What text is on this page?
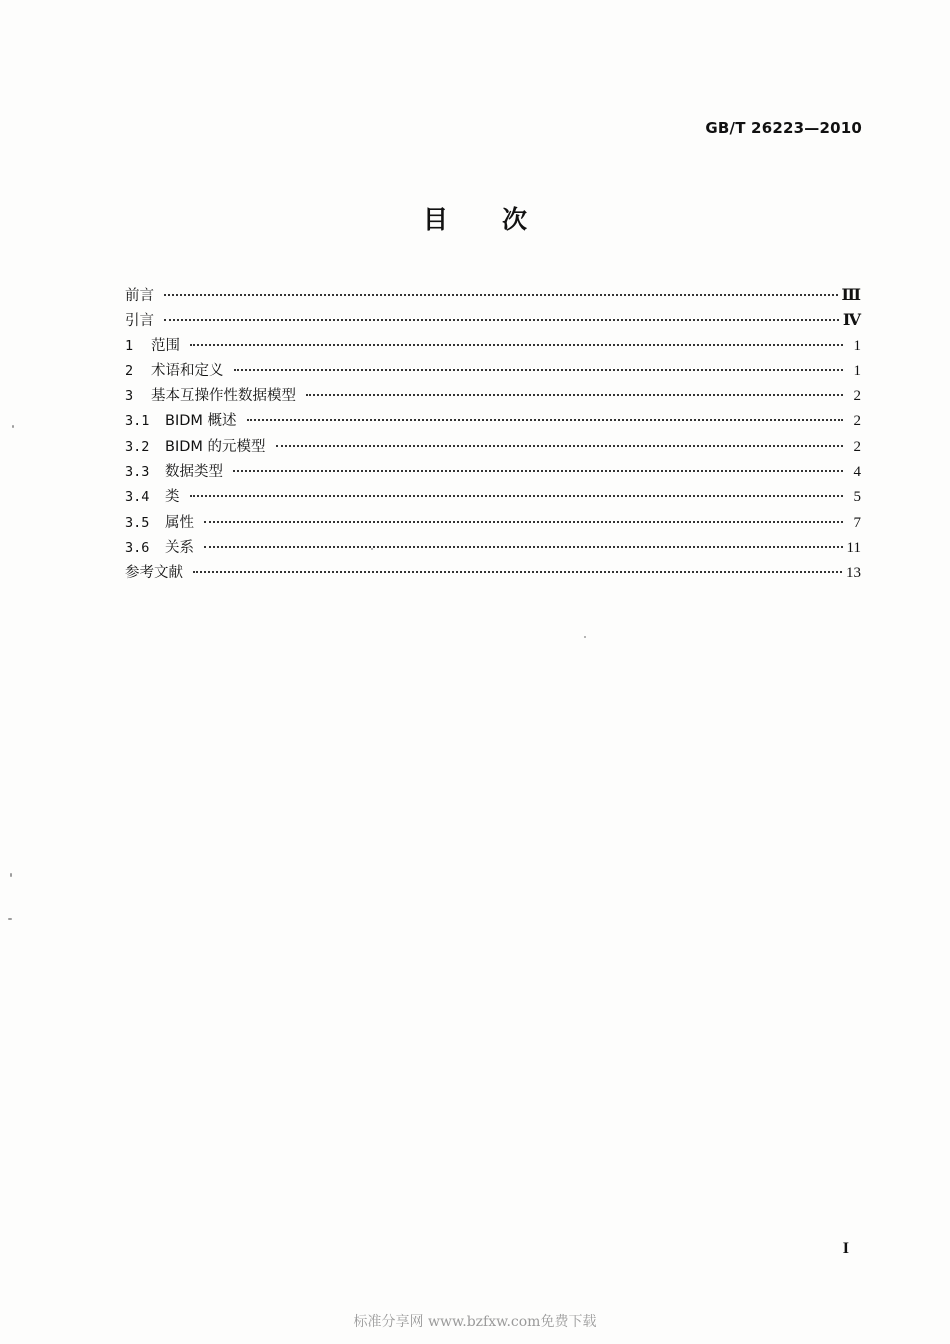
GB/T 26223—2010
目次
前言	Ⅲ
引言	Ⅳ
1	范围	1
2	术语和定义	1
3	基本互操作性数据模型	2
3.1	BIDM 概述	2
3.2	BIDM 的元模型	2
3.3	数据类型	4
3.4	类	5
3.5	属性	7
3.6	关系	11
参考文献	13
I
标准分享网 www.bzfxw.com免费下载
